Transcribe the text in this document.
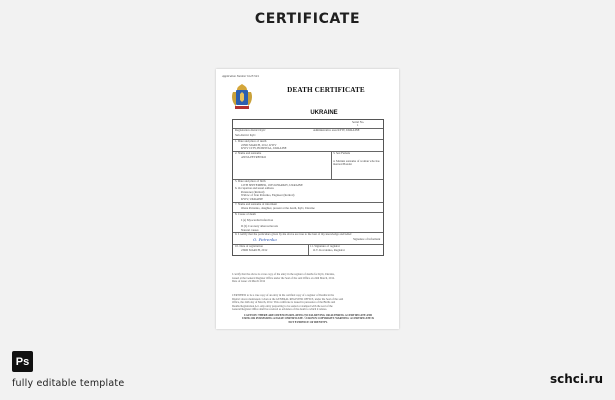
CERTIFICATE
Application Number 6123/34/1
DEATH CERTIFICATE
UKRAINE
Serial No.
1
Registration district Kyiv	Administrative area KYIV, UKRAINE
Sub-district Kyiv
1. Date and place of death
22ND MARCH, 2012, KYIV
KYIV CITY, HOSPITAL, UKRAINE
2. Name and surname
ANNA PETRENKO
3. Sex Female
4. Maiden surname of woman who has married Bondar
5. Date and place of birth
12TH SEPTEMBER, 1935 KHARKIV, UKRAINE
6. Occupation and usual address
Pensioner (Retired)
Widow of Ivan Petrenko, Engineer (Retired)
KYIV, UKRAINE
7. Name and surname of informant
Olena Petrenko, daughter, present at the death, Kyiv, Ukraine
8. Cause of death
I (a) Myocardial infarction
II (b) Coronary atherosclerosis
Natural causes
9. I certify that the particulars given by me above are true to the best of my knowledge and belief
O. Petrenko	Signature of informant
10. Date of registration	11. Signature of registrar
23RD MARCH, 2012	O.V. Kovalenko, Registrar
I certify that the above is a true copy of the entry in the register of deaths for Kyiv, Ukraine,
issued at the General Register Office under the Seal of the said Office on 24th March, 2012.
Date of issue: 24 March 2012
CERTIFIED to be a true copy of an entry in the certified copy of a register of Deaths in the
District above mentioned. Given at the GENERAL REGISTER OFFICE, under the Seal of the said
Office, the 24th day of March, 2012. This certificate is issued in pursuance of the Births and
Deaths Registration Act. Any entry purporting to be sealed or stamped with the seal of the
General Register Office shall be received as evidence of the death to which it relates.
CAUTION: THERE ARE OFFENCES RELATING TO FALSIFYING OR ALTERING A CERTIFICATE AND USING OR POSSESSING A FALSE CERTIFICATE. ©CROWN COPYRIGHT. WARNING: A CERTIFICATE IS NOT EVIDENCE OF IDENTITY.
Ps
fully editable template	schci.ru
